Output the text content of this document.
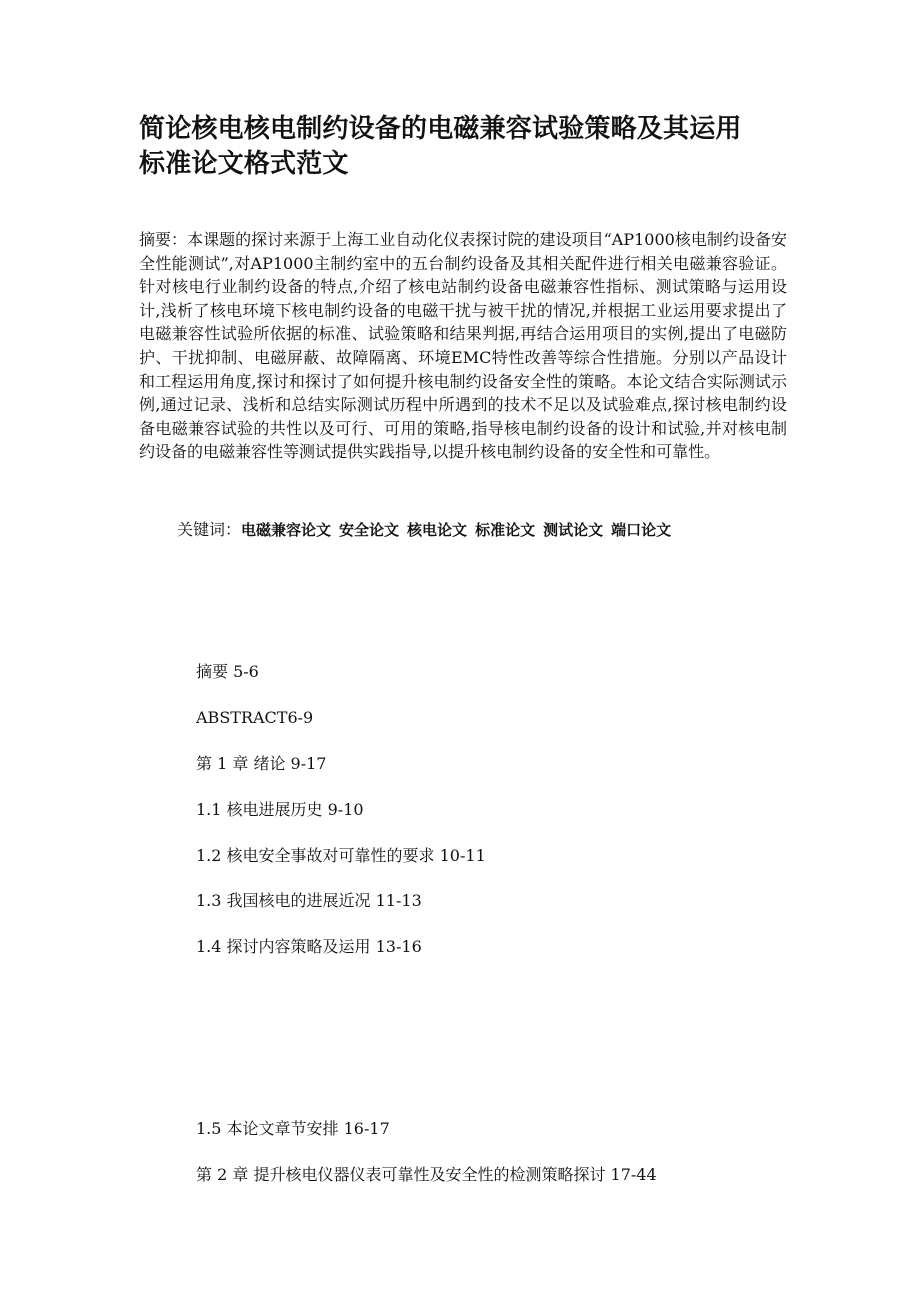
简论核电核电制约设备的电磁兼容试验策略及其运用
标准论文格式范文
摘要：本课题的探讨来源于上海工业自动化仪表探讨院的建设项目“AP1000核电制约设备安全性能测试”,对AP1000主制约室中的五台制约设备及其相关配件进行相关电磁兼容验证。针对核电行业制约设备的特点,介绍了核电站制约设备电磁兼容性指标、测试策略与运用设计,浅析了核电环境下核电制约设备的电磁干扰与被干扰的情况,并根据工业运用要求提出了电磁兼容性试验所依据的标准、试验策略和结果判据,再结合运用项目的实例,提出了电磁防护、干扰抑制、电磁屏蔽、故障隔离、环境EMC特性改善等综合性措施。分别以产品设计和工程运用角度,探讨和探讨了如何提升核电制约设备安全性的策略。本论文结合实际测试示例,通过记录、浅析和总结实际测试历程中所遇到的技术不足以及试验难点,探讨核电制约设备电磁兼容试验的共性以及可行、可用的策略,指导核电制约设备的设计和试验,并对核电制约设备的电磁兼容性等测试提供实践指导,以提升核电制约设备的安全性和可靠性。
关键词：电磁兼容论文 安全论文 核电论文 标准论文 测试论文 端口论文
摘要 5-6
ABSTRACT6-9
第 1 章 绪论 9-17
1.1 核电进展历史 9-10
1.2 核电安全事故对可靠性的要求 10-11
1.3 我国核电的进展近况 11-13
1.4 探讨内容策略及运用 13-16
1.5 本论文章节安排 16-17
第 2 章 提升核电仪器仪表可靠性及安全性的检测策略探讨 17-44
